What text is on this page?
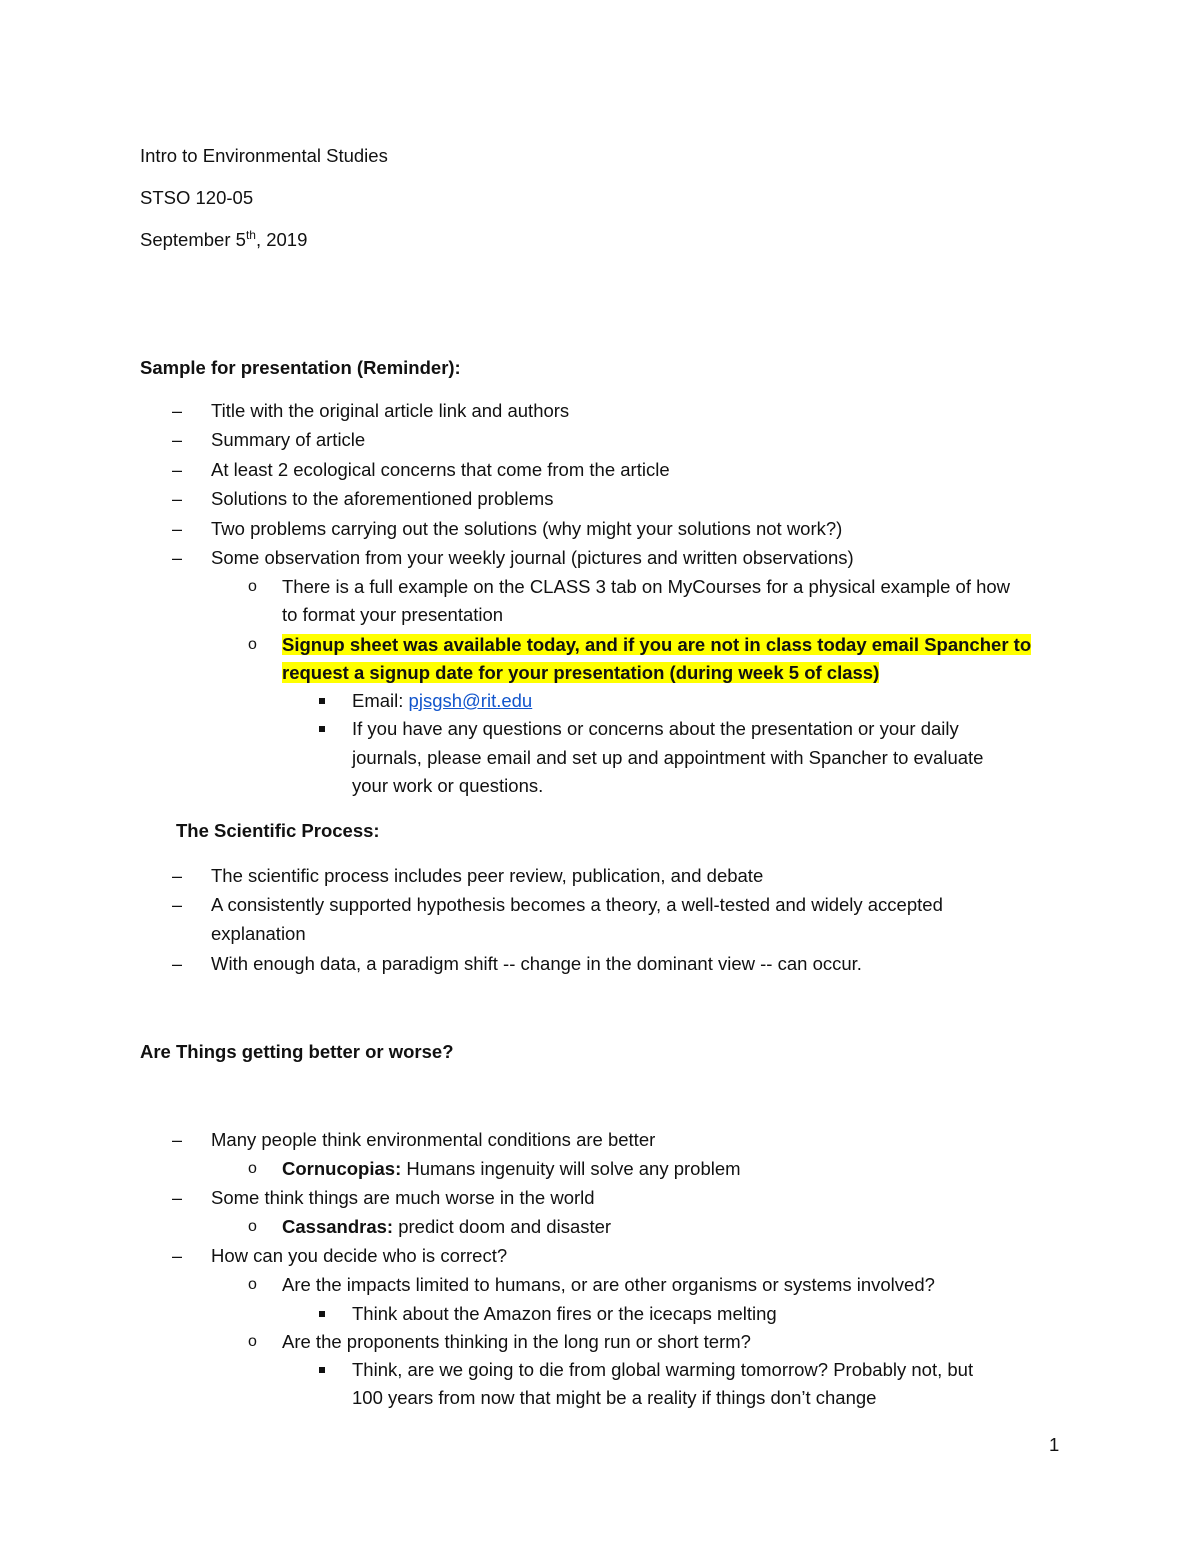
Intro to Environmental Studies
STSO 120-05
September 5th, 2019
Sample for presentation (Reminder):
– Title with the original article link and authors
– Summary of article
– At least 2 ecological concerns that come from the article
– Solutions to the aforementioned problems
– Two problems carrying out the solutions (why might your solutions not work?)
– Some observation from your weekly journal (pictures and written observations)
o There is a full example on the CLASS 3 tab on MyCourses for a physical example of how
to format your presentation
o Signup sheet was available today, and if you are not in class today email Spancher to
request a signup date for your presentation (during week 5 of class)
Email: pjsgsh@rit.edu
If you have any questions or concerns about the presentation or your daily
journals, please email and set up and appointment with Spancher to evaluate
your work or questions.
The Scientific Process:
– The scientific process includes peer review, publication, and debate
– A consistently supported hypothesis becomes a theory, a well-tested and widely accepted
explanation
– With enough data, a paradigm shift -- change in the dominant view -- can occur.
Are Things getting better or worse?
– Many people think environmental conditions are better
o Cornucopias: Humans ingenuity will solve any problem
– Some think things are much worse in the world
o Cassandras: predict doom and disaster
– How can you decide who is correct?
o Are the impacts limited to humans, or are other organisms or systems involved?
Think about the Amazon fires or the icecaps melting
o Are the proponents thinking in the long run or short term?
Think, are we going to die from global warming tomorrow? Probably not, but
100 years from now that might be a reality if things don’t change
1
